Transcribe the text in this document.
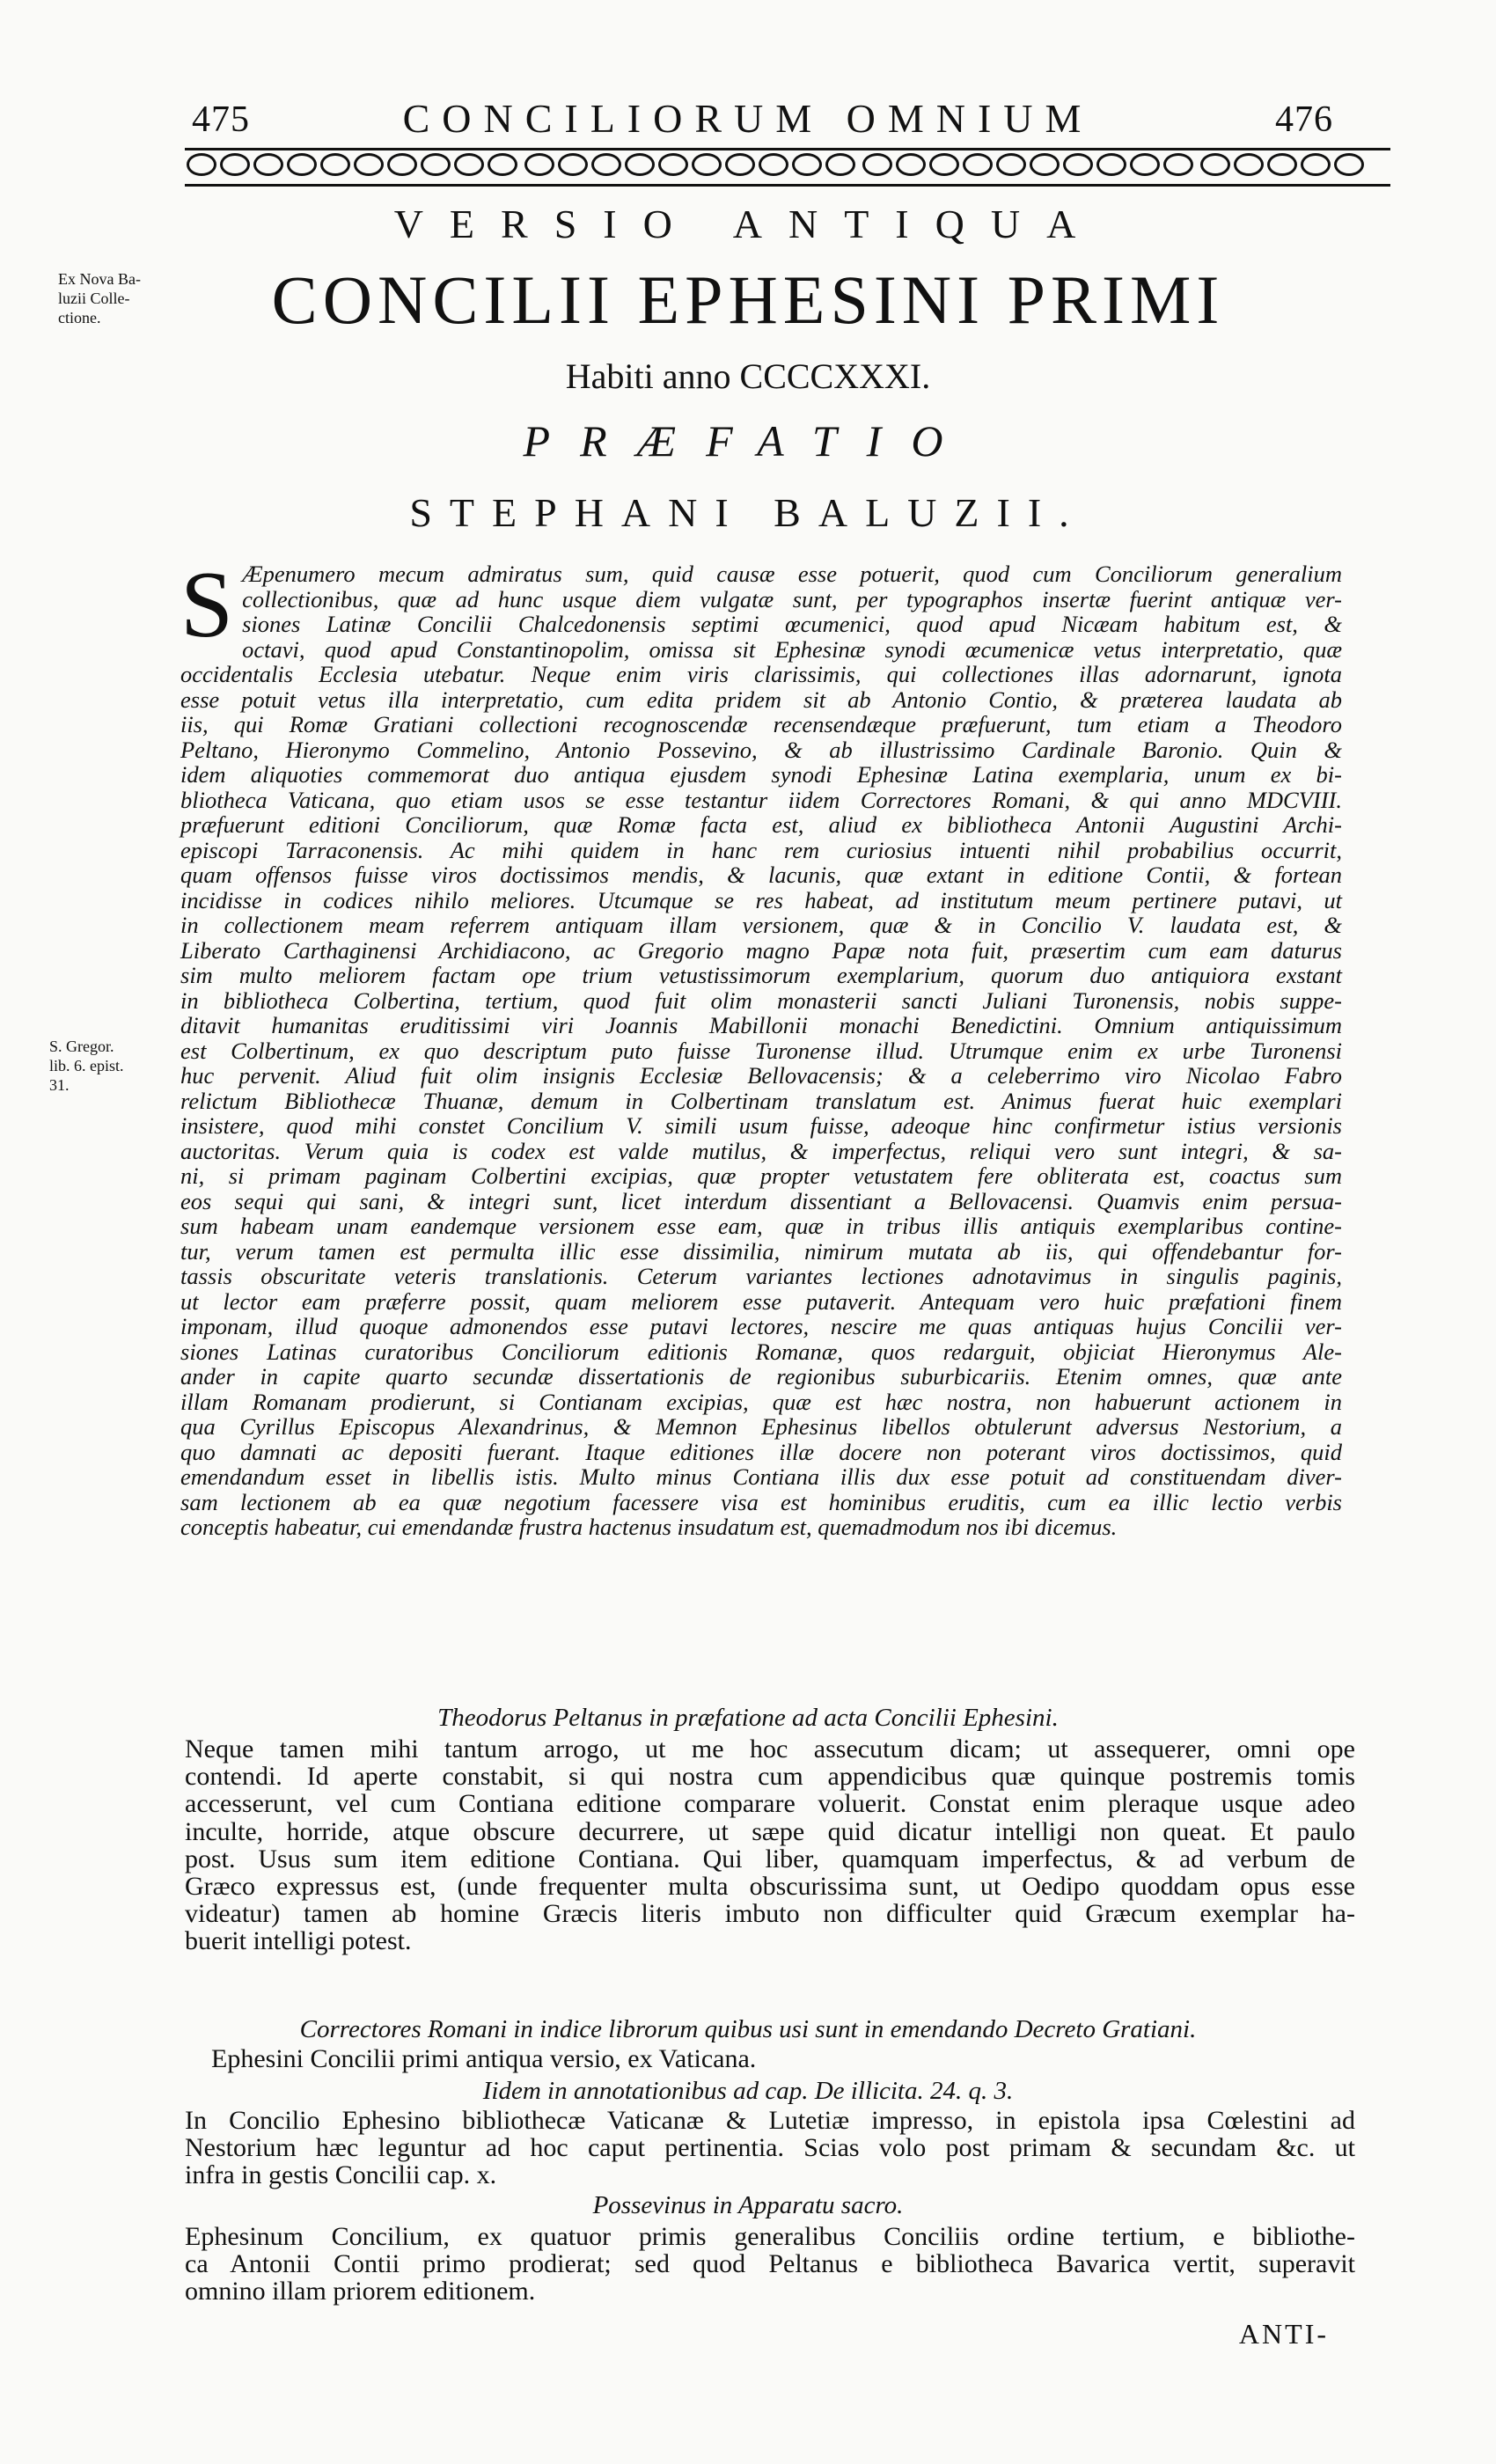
475	CONCILIORUM OMNIUM	476

VERSIO ANTIQUA
CONCILII EPHESINI PRIMI
Habiti anno CCCCXXXI.
PRÆFATIO
STEPHANI BALUZII.
Ex Nova Ba-
luzii Colle-
ctione.
S. Gregor.
lib. 6. epist.
31.
S Æpenumero mecum admiratus sum, quid causæ esse potuerit, quod cum Conciliorum generalium
collectionibus, quæ ad hunc usque diem vulgatæ sunt, per typographos insertæ fuerint antiquæ ver-
siones Latinæ Concilii Chalcedonensis septimi œcumenici, quod apud Nicæam habitum est, &
octavi, quod apud Constantinopolim, omissa sit Ephesinæ synodi œcumenicæ vetus interpretatio, quæ
occidentalis Ecclesia utebatur. Neque enim viris clarissimis, qui collectiones illas adornarunt, ignota
esse potuit vetus illa interpretatio, cum edita pridem sit ab Antonio Contio, & præterea laudata ab
iis, qui Romæ Gratiani collectioni recognoscendæ recensendæque præfuerunt, tum etiam a Theodoro
Peltano, Hieronymo Commelino, Antonio Possevino, & ab illustrissimo Cardinale Baronio. Quin &
idem aliquoties commemorat duo antiqua ejusdem synodi Ephesinæ Latina exemplaria, unum ex bi-
bliotheca Vaticana, quo etiam usos se esse testantur iidem Correctores Romani, & qui anno MDCVIII.
præfuerunt editioni Conciliorum, quæ Romæ facta est, aliud ex bibliotheca Antonii Augustini Archi-
episcopi Tarraconensis. Ac mihi quidem in hanc rem curiosius intuenti nihil probabilius occurrit,
quam offensos fuisse viros doctissimos mendis, & lacunis, quæ extant in editione Contii, & fortean
incidisse in codices nihilo meliores. Utcumque se res habeat, ad institutum meum pertinere putavi, ut
in collectionem meam referrem antiquam illam versionem, quæ & in Concilio V. laudata est, &
Liberato Carthaginensi Archidiacono, ac Gregorio magno Papæ nota fuit, præsertim cum eam daturus
sim multo meliorem factam ope trium vetustissimorum exemplarium, quorum duo antiquiora exstant
in bibliotheca Colbertina, tertium, quod fuit olim monasterii sancti Juliani Turonensis, nobis suppe-
ditavit humanitas eruditissimi viri Joannis Mabillonii monachi Benedictini. Omnium antiquissimum
est Colbertinum, ex quo descriptum puto fuisse Turonense illud. Utrumque enim ex urbe Turonensi
huc pervenit. Aliud fuit olim insignis Ecclesiæ Bellovacensis; & a celeberrimo viro Nicolao Fabro
relictum Bibliothecæ Thuanæ, demum in Colbertinam translatum est. Animus fuerat huic exemplari
insistere, quod mihi constet Concilium V. simili usum fuisse, adeoque hinc confirmetur istius versionis
auctoritas. Verum quia is codex est valde mutilus, & imperfectus, reliqui vero sunt integri, & sa-
ni, si primam paginam Colbertini excipias, quæ propter vetustatem fere obliterata est, coactus sum
eos sequi qui sani, & integri sunt, licet interdum dissentiant a Bellovacensi. Quamvis enim persua-
sum habeam unam eandemque versionem esse eam, quæ in tribus illis antiquis exemplaribus contine-
tur, verum tamen est permulta illic esse dissimilia, nimirum mutata ab iis, qui offendebantur for-
tassis obscuritate veteris translationis. Ceterum variantes lectiones adnotavimus in singulis paginis,
ut lector eam præferre possit, quam meliorem esse putaverit. Antequam vero huic præfationi finem
imponam, illud quoque admonendos esse putavi lectores, nescire me quas antiquas hujus Concilii ver-
siones Latinas curatoribus Conciliorum editionis Romanæ, quos redarguit, objiciat Hieronymus Ale-
ander in capite quarto secundæ dissertationis de regionibus suburbicariis. Etenim omnes, quæ ante
illam Romanam prodierunt, si Contianam excipias, quæ est hæc nostra, non habuerunt actionem in
qua Cyrillus Episcopus Alexandrinus, & Memnon Ephesinus libellos obtulerunt adversus Nestorium, a
quo damnati ac depositi fuerant. Itaque editiones illæ docere non poterant viros doctissimos, quid
emendandum esset in libellis istis. Multo minus Contiana illis dux esse potuit ad constituendam diver-
sam lectionem ab ea quæ negotium facessere visa est hominibus eruditis, cum ea illic lectio verbis
conceptis habeatur, cui emendandæ frustra hactenus insudatum est, quemadmodum nos ibi dicemus.
Theodorus Peltanus in præfatione ad acta Concilii Ephesini.
Neque tamen mihi tantum arrogo, ut me hoc assecutum dicam; ut assequerer, omni ope
contendi. Id aperte constabit, si qui nostra cum appendicibus quæ quinque postremis tomis
accesserunt, vel cum Contiana editione comparare voluerit. Constat enim pleraque usque adeo
inculte, horride, atque obscure decurrere, ut sæpe quid dicatur intelligi non queat. Et paulo
post. Usus sum item editione Contiana. Qui liber, quamquam imperfectus, & ad verbum de
Græco expressus est, (unde frequenter multa obscurissima sunt, ut Oedipo quoddam opus esse
videatur) tamen ab homine Græcis literis imbuto non difficulter quid Græcum exemplar ha-
buerit intelligi potest.
Correctores Romani in indice librorum quibus usi sunt in emendando Decreto Gratiani.
Ephesini Concilii primi antiqua versio, ex Vaticana.
Iidem in annotationibus ad cap. De illicita. 24. q. 3.
In Concilio Ephesino bibliothecæ Vaticanæ & Lutetiæ impresso, in epistola ipsa Cœlestini ad
Nestorium hæc leguntur ad hoc caput pertinentia. Scias volo post primam & secundam &c. ut
infra in gestis Concilii cap. x.
Possevinus in Apparatu sacro.
Ephesinum Concilium, ex quatuor primis generalibus Conciliis ordine tertium, e bibliothe-
ca Antonii Contii primo prodierat; sed quod Peltanus e bibliotheca Bavarica vertit, superavit
omnino illam priorem editionem.
ANTI-
